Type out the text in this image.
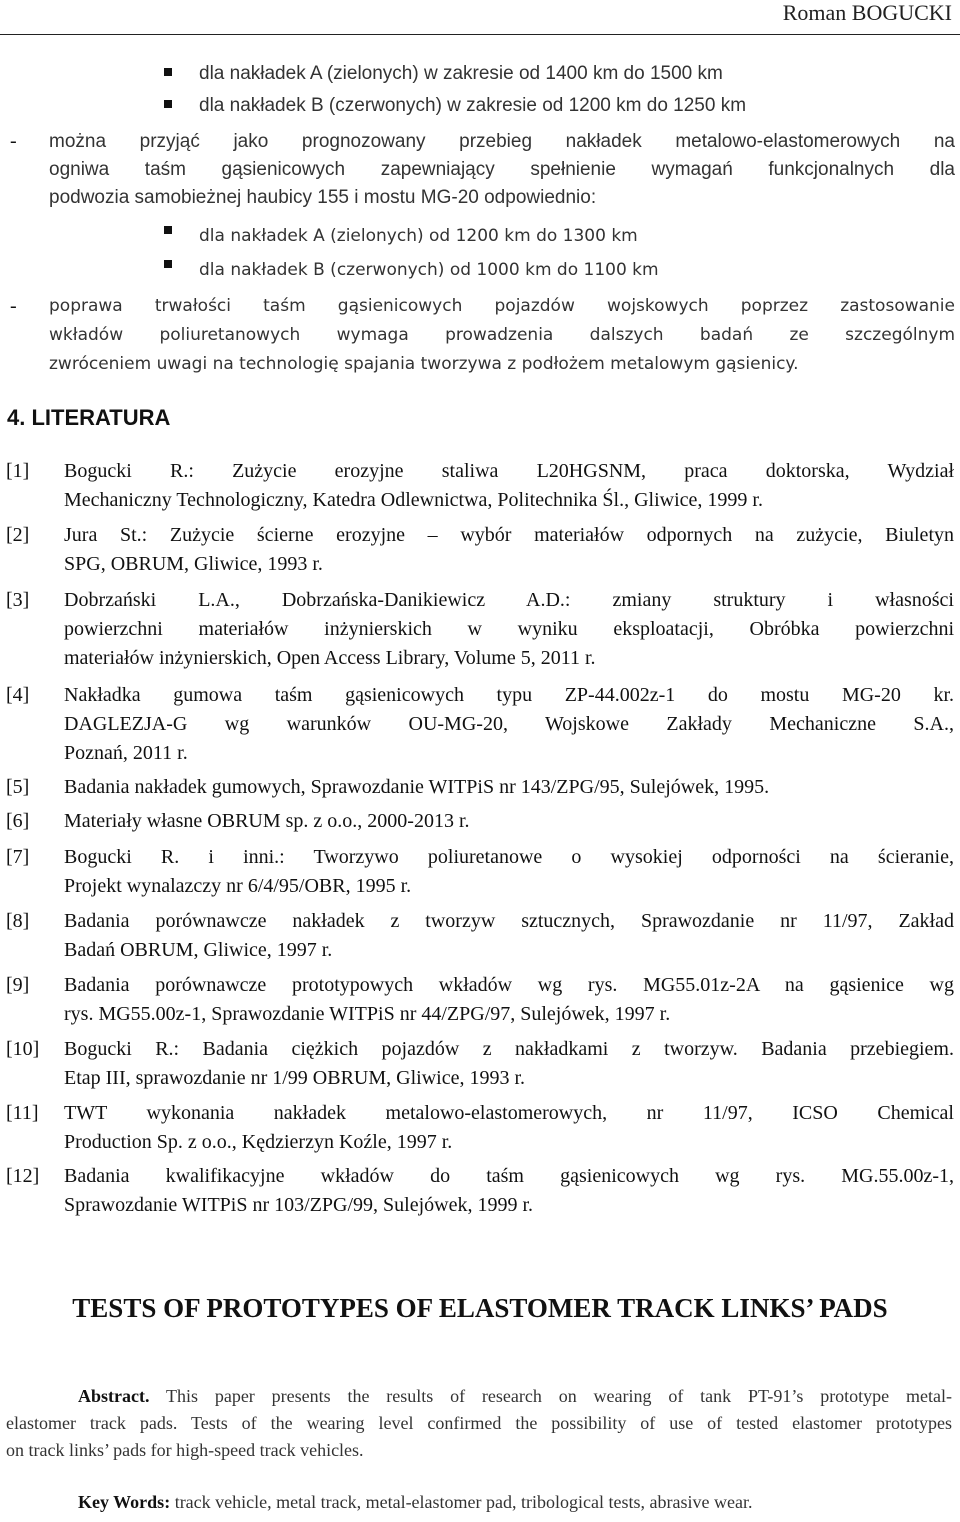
Roman BOGUCKI
dla nakładek A (zielonych) w zakresie od 1400 km do 1500 km
dla nakładek B (czerwonych) w zakresie od 1200 km do 1250 km
- można przyjąć jako prognozowany przebieg nakładek metalowo-elastomerowych na
ogniwa taśm gąsienicowych zapewniający spełnienie wymagań funkcjonalnych dla
podwozia samobieżnej haubicy 155 i mostu MG-20 odpowiednio:
dla nakładek A (zielonych) od 1200 km do 1300 km
dla nakładek B (czerwonych) od 1000 km do 1100 km
- poprawa trwałości taśm gąsienicowych pojazdów wojskowych poprzez zastosowanie
wkładów poliuretanowych wymaga prowadzenia dalszych badań ze szczególnym
zwróceniem uwagi na technologię spajania tworzywa z podłożem metalowym gąsienicy.
4. LITERATURA
[1] Bogucki R.: Zużycie erozyjne staliwa L20HGSNM, praca doktorska, Wydział
Mechaniczny Technologiczny, Katedra Odlewnictwa, Politechnika Śl., Gliwice, 1999 r.
[2] Jura St.: Zużycie ścierne erozyjne – wybór materiałów odpornych na zużycie, Biuletyn
SPG, OBRUM, Gliwice, 1993 r.
[3] Dobrzański L.A., Dobrzańska-Danikiewicz A.D.: zmiany struktury i własności
powierzchni materiałów inżynierskich w wyniku eksploatacji, Obróbka powierzchni
materiałów inżynierskich, Open Access Library, Volume 5, 2011 r.
[4] Nakładka gumowa taśm gąsienicowych typu ZP-44.002z-1 do mostu MG-20 kr.
DAGLEZJA-G wg warunków OU-MG-20, Wojskowe Zakłady Mechaniczne S.A.,
Poznań, 2011 r.
[5] Badania nakładek gumowych, Sprawozdanie WITPiS nr 143/ZPG/95, Sulejówek, 1995.
[6] Materiały własne OBRUM sp. z o.o., 2000-2013 r.
[7] Bogucki R. i inni.: Tworzywo poliuretanowe o wysokiej odporności na ścieranie,
Projekt wynalazczy nr 6/4/95/OBR, 1995 r.
[8] Badania porównawcze nakładek z tworzyw sztucznych, Sprawozdanie nr 11/97, Zakład
Badań OBRUM, Gliwice, 1997 r.
[9] Badania porównawcze prototypowych wkładów wg rys. MG55.01z-2A na gąsienice wg
rys. MG55.00z-1, Sprawozdanie WITPiS nr 44/ZPG/97, Sulejówek, 1997 r.
[10] Bogucki R.: Badania ciężkich pojazdów z nakładkami z tworzyw. Badania przebiegiem.
Etap III, sprawozdanie nr 1/99 OBRUM, Gliwice, 1993 r.
[11] TWT wykonania nakładek metalowo-elastomerowych, nr 11/97, ICSO Chemical
Production Sp. z o.o., Kędzierzyn Koźle, 1997 r.
[12] Badania kwalifikacyjne wkładów do taśm gąsienicowych wg rys. MG.55.00z-1,
Sprawozdanie WITPiS nr 103/ZPG/99, Sulejówek, 1999 r.
TESTS OF PROTOTYPES OF ELASTOMER TRACK LINKS’ PADS
Abstract. This paper presents the results of research on wearing of tank PT-91’s prototype metal-
elastomer track pads. Tests of the wearing level confirmed the possibility of use of tested elastomer prototypes
on track links’ pads for high-speed track vehicles.
Key Words: track vehicle, metal track, metal-elastomer pad, tribological tests, abrasive wear.
